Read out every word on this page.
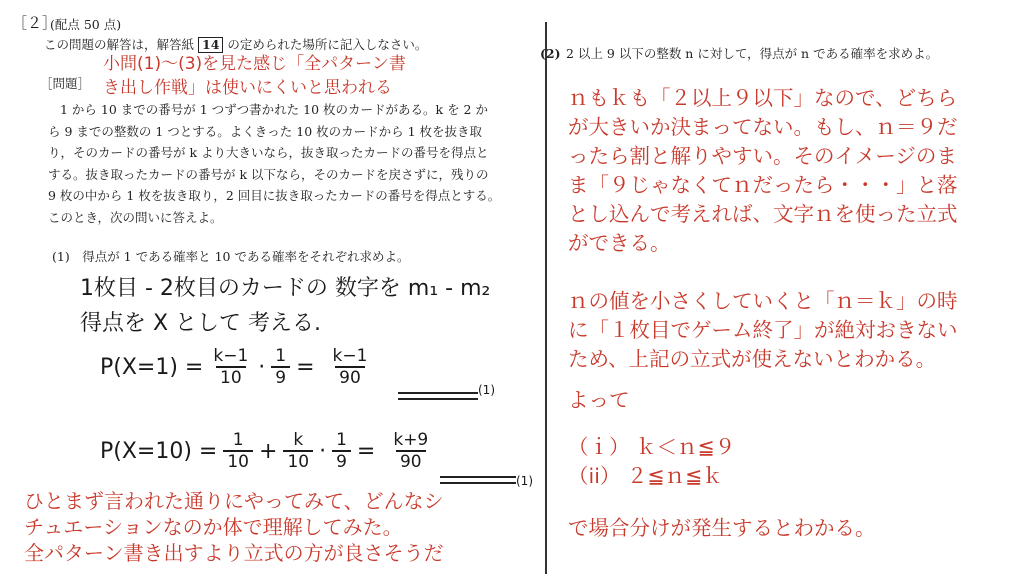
［２］
(配点 50 点)
この問題の解答は，解答紙 14 の定められた場所に記入しなさい。
［問題］
小問(1)〜(3)を見た感じ「全パターン書
き出し作戦」は使いにくいと思われる
1 から 10 までの番号が 1 つずつ書かれた 10 枚のカードがある。k を 2 か
ら 9 までの整数の 1 つとする。よくきった 10 枚のカードから 1 枚を抜き取
り，そのカードの番号が k より大きいなら，抜き取ったカードの番号を得点と
する。抜き取ったカードの番号が k 以下なら，そのカードを戻さずに，残りの
9 枚の中から 1 枚を抜き取り，2 回目に抜き取ったカードの番号を得点とする。
このとき，次の問いに答えよ。
(1)　得点が 1 である確率と 10 である確率をそれぞれ求めよ。
1枚目 - 2枚目のカードの 数字を m₁ - m₂
得点を X として 考える.
$P(X=1) = \frac{k-1}{10} \cdot \frac{1}{9} = \frac{k-1}{90}$
(1)
$P(X=10) = \frac{1}{10} + \frac{k}{10} \cdot \frac{1}{9} = \frac{k+9}{90}$
(1)
ひとまず言われた通りにやってみて、どんなシ
チュエーションなのか体で理解してみた。
全パターン書き出すより立式の方が良さそうだ
(2) 2 以上 9 以下の整数 n に対して，得点が n である確率を求めよ。
ｎもｋも「２以上９以下」なので、どちら
が大きいか決まってない。もし、ｎ＝９だ
ったら割と解りやすい。そのイメージのま
ま「９じゃなくてｎだったら・・・」と落
とし込んで考えれば、文字ｎを使った立式
ができる。
ｎの値を小さくしていくと「ｎ＝ｋ」の時
に「１枚目でゲーム終了」が絶対おきない
ため、上記の立式が使えないとわかる。
よって
（ｉ） ｋ＜ｎ≦９
（ii） ２≦ｎ≦ｋ
で場合分けが発生するとわかる。
